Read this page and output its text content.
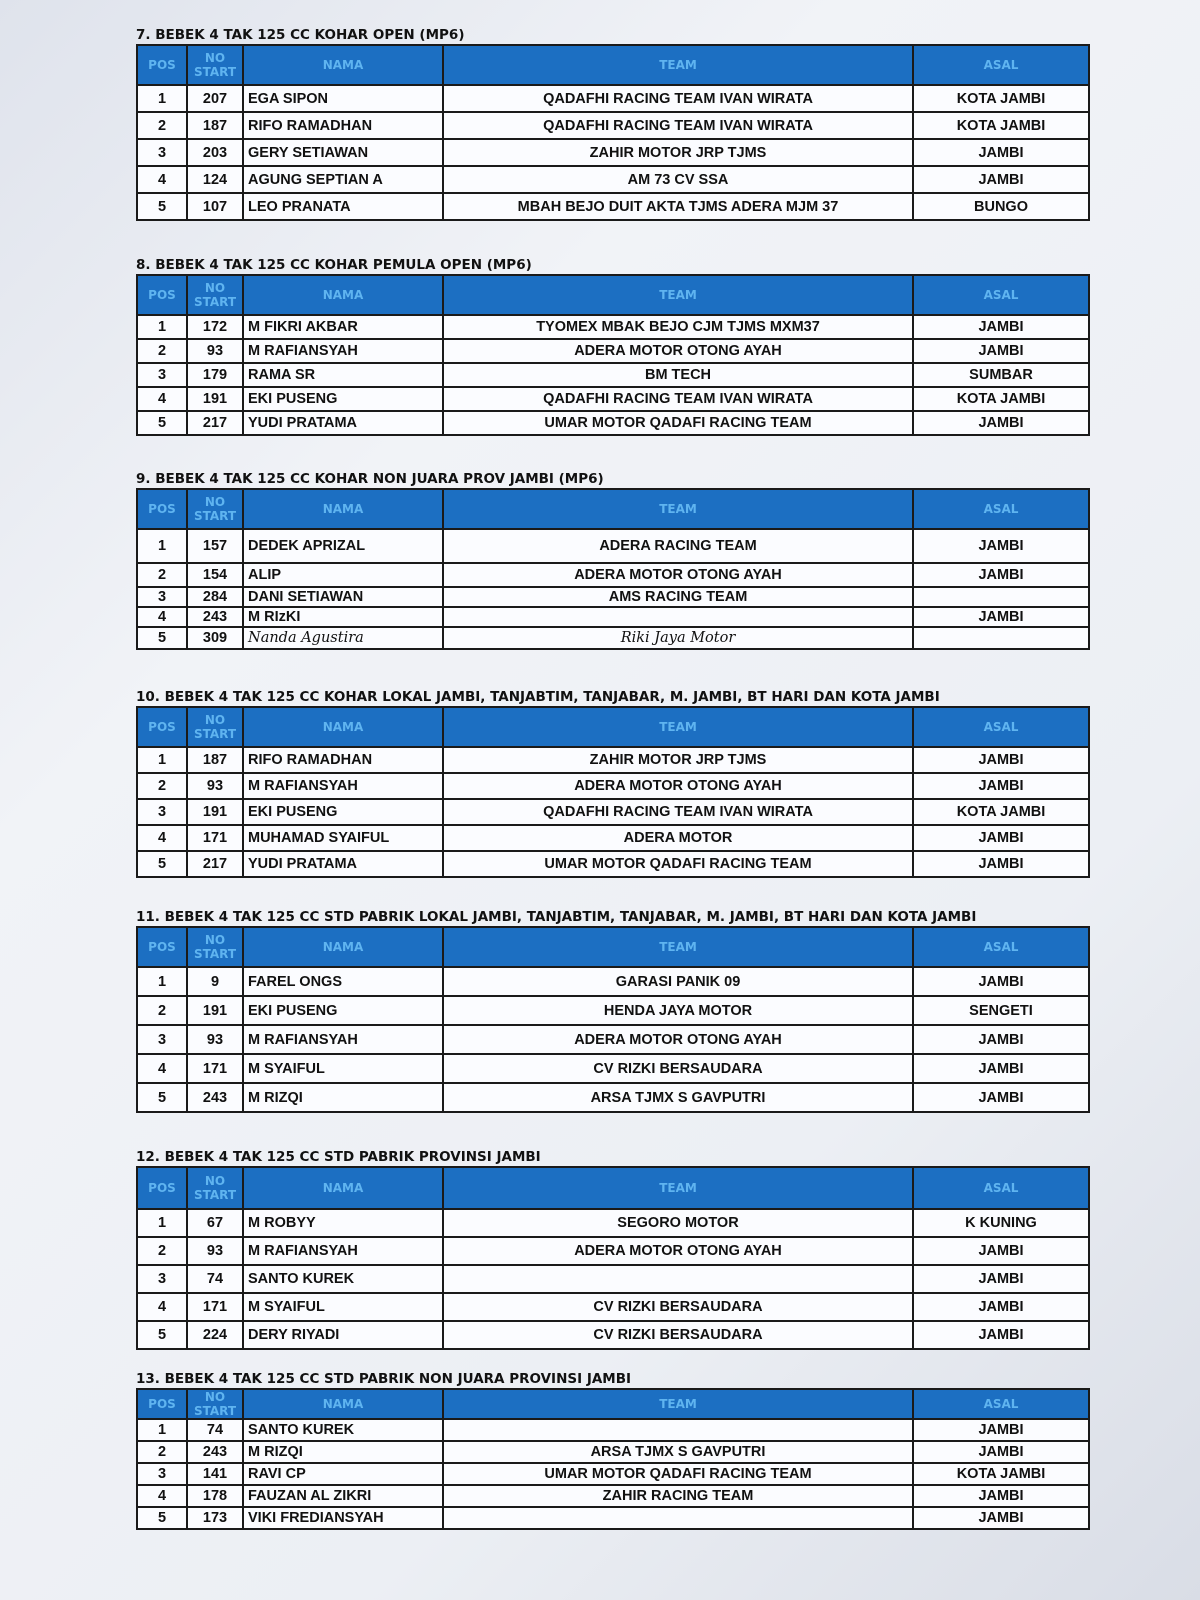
7. BEBEK 4 TAK 125 CC KOHAR OPEN (MP6)
POS	NO START	NAMA	TEAM	ASAL
1	207	EGA SIPON	QADAFHI RACING TEAM IVAN WIRATA	KOTA JAMBI
2	187	RIFO RAMADHAN	QADAFHI RACING TEAM IVAN WIRATA	KOTA JAMBI
3	203	GERY SETIAWAN	ZAHIR MOTOR JRP TJMS	JAMBI
4	124	AGUNG SEPTIAN A	AM 73 CV SSA	JAMBI
5	107	LEO PRANATA	MBAH BEJO DUIT AKTA TJMS ADERA MJM 37	BUNGO
8. BEBEK 4 TAK 125 CC KOHAR PEMULA OPEN (MP6)
POS	NO START	NAMA	TEAM	ASAL
1	172	M FIKRI AKBAR	TYOMEX MBAK BEJO CJM TJMS MXM37	JAMBI
2	93	M RAFIANSYAH	ADERA MOTOR OTONG AYAH	JAMBI
3	179	RAMA SR	BM TECH	SUMBAR
4	191	EKI PUSENG	QADAFHI RACING TEAM IVAN WIRATA	KOTA JAMBI
5	217	YUDI PRATAMA	UMAR MOTOR QADAFI RACING TEAM	JAMBI
9. BEBEK 4 TAK 125 CC KOHAR NON JUARA PROV JAMBI (MP6)
POS	NO START	NAMA	TEAM	ASAL
1	157	DEDEK APRIZAL	ADERA RACING TEAM	JAMBI
2	154	ALIP	ADERA MOTOR OTONG AYAH	JAMBI
3	284	DANI SETIAWAN	AMS RACING TEAM	
4	243	M RIzKI		JAMBI
5	309	Nanda Agustira	Riki Jaya Motor	
10. BEBEK 4 TAK 125 CC KOHAR LOKAL JAMBI, TANJABTIM, TANJABAR, M. JAMBI, BT HARI DAN KOTA JAMBI
POS	NO START	NAMA	TEAM	ASAL
1	187	RIFO RAMADHAN	ZAHIR MOTOR JRP TJMS	JAMBI
2	93	M RAFIANSYAH	ADERA MOTOR OTONG AYAH	JAMBI
3	191	EKI PUSENG	QADAFHI RACING TEAM IVAN WIRATA	KOTA JAMBI
4	171	MUHAMAD SYAIFUL	ADERA MOTOR	JAMBI
5	217	YUDI PRATAMA	UMAR MOTOR QADAFI RACING TEAM	JAMBI
11. BEBEK 4 TAK 125 CC STD PABRIK LOKAL JAMBI, TANJABTIM, TANJABAR, M. JAMBI, BT HARI DAN KOTA JAMBI
POS	NO START	NAMA	TEAM	ASAL
1	9	FAREL ONGS	GARASI PANIK 09	JAMBI
2	191	EKI PUSENG	HENDA JAYA MOTOR	SENGETI
3	93	M RAFIANSYAH	ADERA MOTOR OTONG AYAH	JAMBI
4	171	M SYAIFUL	CV RIZKI BERSAUDARA	JAMBI
5	243	M RIZQI	ARSA TJMX S GAVPUTRI	JAMBI
12. BEBEK 4 TAK 125 CC STD PABRIK PROVINSI JAMBI
POS	NO START	NAMA	TEAM	ASAL
1	67	M ROBYY	SEGORO MOTOR	K KUNING
2	93	M RAFIANSYAH	ADERA MOTOR OTONG AYAH	JAMBI
3	74	SANTO KUREK		JAMBI
4	171	M SYAIFUL	CV RIZKI BERSAUDARA	JAMBI
5	224	DERY RIYADI	CV RIZKI BERSAUDARA	JAMBI
13. BEBEK 4 TAK 125 CC STD PABRIK NON JUARA PROVINSI JAMBI
POS	NO START	NAMA	TEAM	ASAL
1	74	SANTO KUREK		JAMBI
2	243	M RIZQI	ARSA TJMX S GAVPUTRI	JAMBI
3	141	RAVI CP	UMAR MOTOR QADAFI RACING TEAM	KOTA JAMBI
4	178	FAUZAN AL ZIKRI	ZAHIR RACING TEAM	JAMBI
5	173	VIKI FREDIANSYAH		JAMBI
